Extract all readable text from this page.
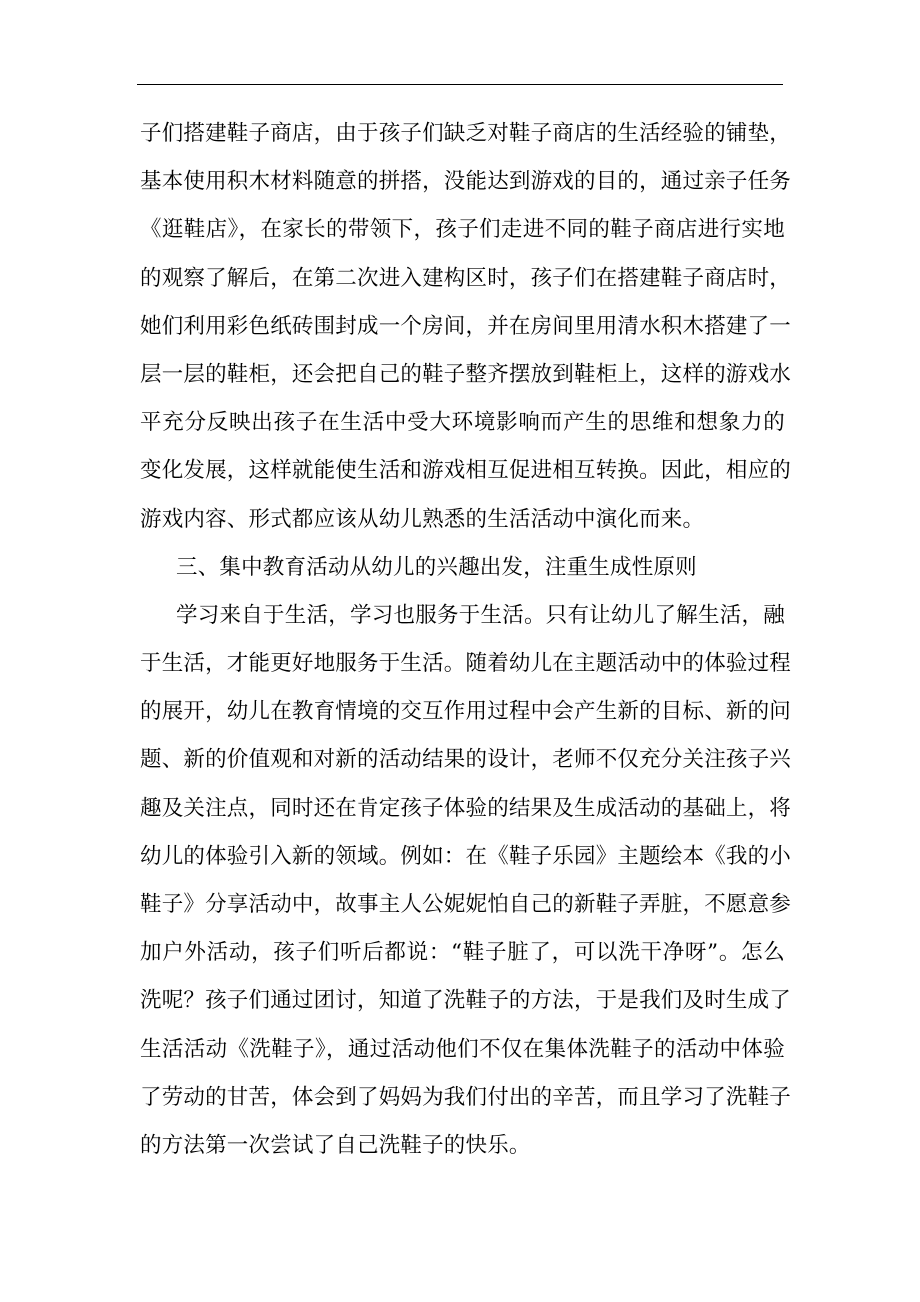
子们搭建鞋子商店，由于孩子们缺乏对鞋子商店的生活经验的铺垫，
基本使用积木材料随意的拼搭，没能达到游戏的目的，通过亲子任务
《逛鞋店》，在家长的带领下，孩子们走进不同的鞋子商店进行实地
的观察了解后，在第二次进入建构区时，孩子们在搭建鞋子商店时，
她们利用彩色纸砖围封成一个房间，并在房间里用清水积木搭建了一
层一层的鞋柜，还会把自己的鞋子整齐摆放到鞋柜上，这样的游戏水
平充分反映出孩子在生活中受大环境影响而产生的思维和想象力的
变化发展，这样就能使生活和游戏相互促进相互转换。因此，相应的
游戏内容、形式都应该从幼儿熟悉的生活活动中演化而来。
三、集中教育活动从幼儿的兴趣出发，注重生成性原则
学习来自于生活，学习也服务于生活。只有让幼儿了解生活，融
于生活，才能更好地服务于生活。随着幼儿在主题活动中的体验过程
的展开，幼儿在教育情境的交互作用过程中会产生新的目标、新的问
题、新的价值观和对新的活动结果的设计，老师不仅充分关注孩子兴
趣及关注点，同时还在肯定孩子体验的结果及生成活动的基础上，将
幼儿的体验引入新的领域。例如：在《鞋子乐园》主题绘本《我的小
鞋子》分享活动中，故事主人公妮妮怕自己的新鞋子弄脏，不愿意参
加户外活动，孩子们听后都说：“鞋子脏了，可以洗干净呀”。怎么
洗呢？孩子们通过团讨，知道了洗鞋子的方法，于是我们及时生成了
生活活动《洗鞋子》，通过活动他们不仅在集体洗鞋子的活动中体验
了劳动的甘苦，体会到了妈妈为我们付出的辛苦，而且学习了洗鞋子
的方法第一次尝试了自己洗鞋子的快乐。
